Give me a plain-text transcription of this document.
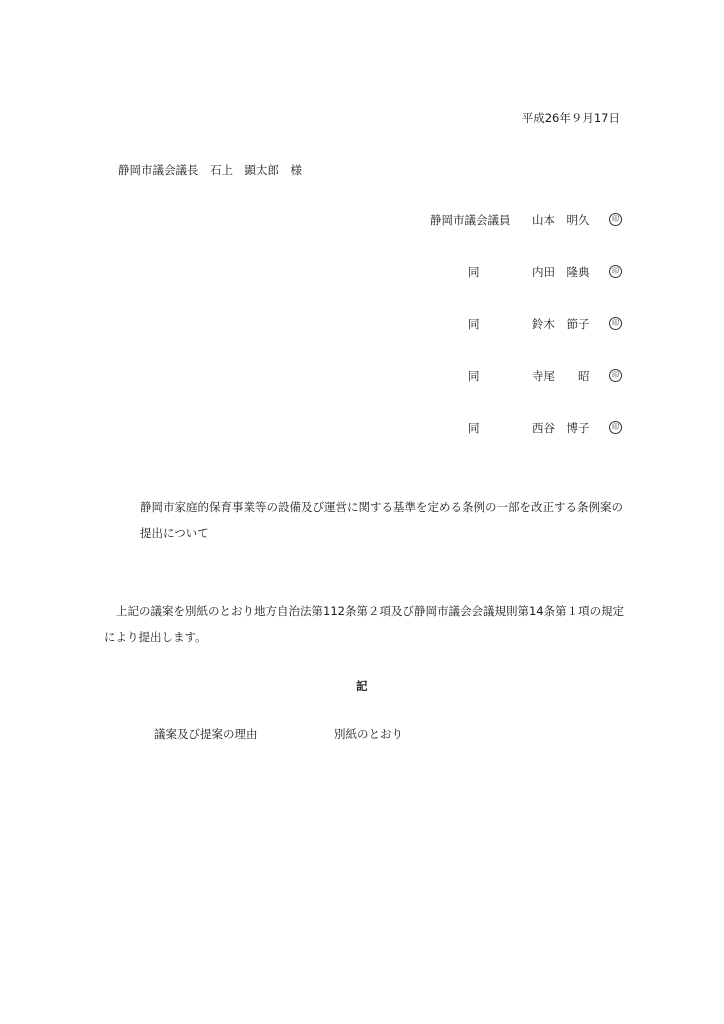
平成26年９月17日
静岡市議会議長　石上　顕太郎　様
静岡市議会議員 山本　明久	印
同	内田　隆典	印
同	鈴木　節子	印
同	寺尾　　昭	印
同	西谷　博子	印
静岡市家庭的保育事業等の設備及び運営に関する基準を定める条例の一部を改正する条例案の提出について
上記の議案を別紙のとおり地方自治法第112条第２項及び静岡市議会会議規則第14条第１項の規定により提出します。
記
議案及び提案の理由	別紙のとおり
